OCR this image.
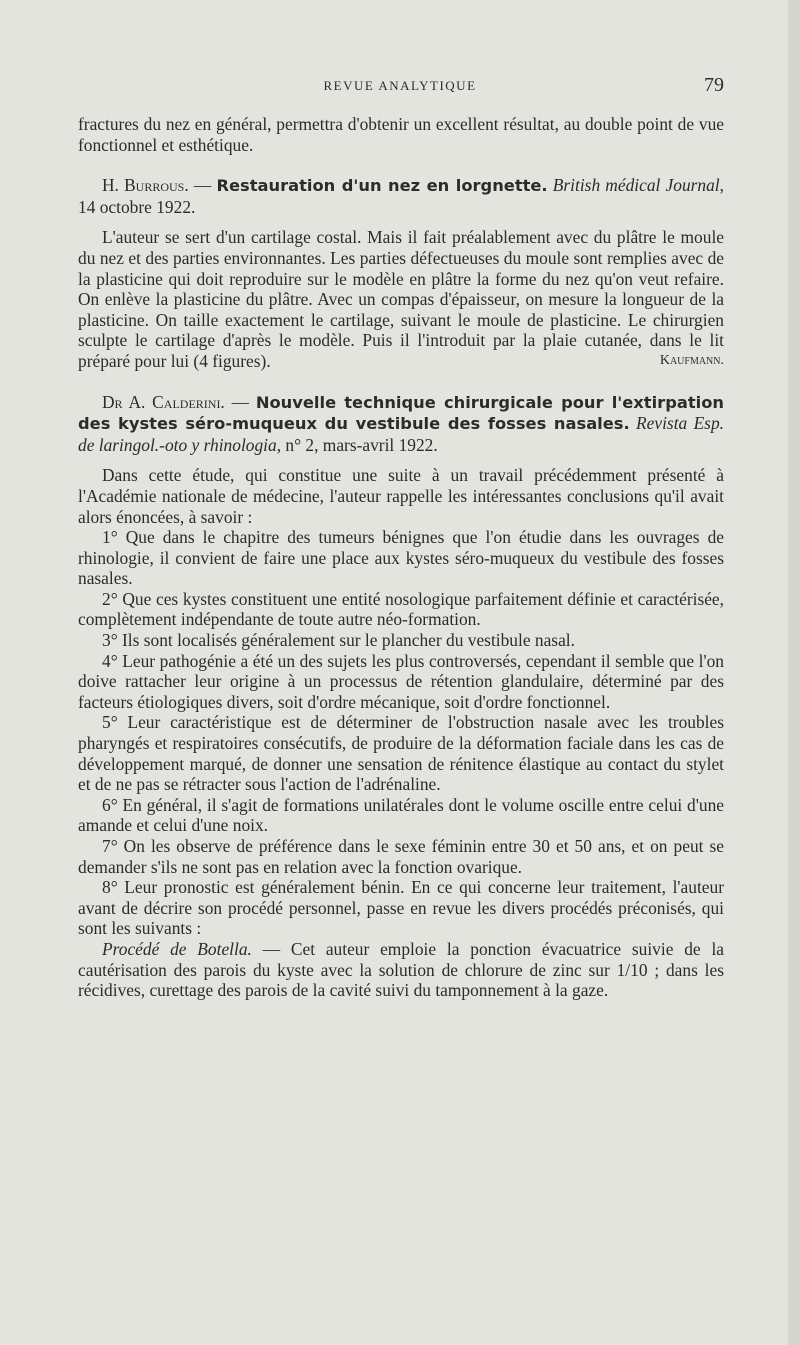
REVUE ANALYTIQUE	79

fractures du nez en général, permettra d'obtenir un excellent résultat, au double point de vue fonctionnel et esthétique.

H. Burrous. — Restauration d'un nez en lorgnette. British médical Journal, 14 octobre 1922.

L'auteur se sert d'un cartilage costal. Mais il fait préalablement avec du plâtre le moule du nez et des parties environnantes. Les parties défectueuses du moule sont remplies avec de la plasticine qui doit reproduire sur le modèle en plâtre la forme du nez qu'on veut refaire. On enlève la plasticine du plâtre. Avec un compas d'épaisseur, on mesure la longueur de la plasticine. On taille exactement le cartilage, suivant le moule de plasticine. Le chirurgien sculpte le cartilage d'après le modèle. Puis il l'introduit par la plaie cutanée, dans le lit préparé pour lui (4 figures).	Kaufmann.

Dr A. Calderini. — Nouvelle technique chirurgicale pour l'extirpation des kystes séro-muqueux du vestibule des fosses nasales. Revista Esp. de laringol.-oto y rhinologia, n° 2, mars-avril 1922.

Dans cette étude, qui constitue une suite à un travail précédemment présenté à l'Académie nationale de médecine, l'auteur rappelle les intéressantes conclusions qu'il avait alors énoncées, à savoir :

1° Que dans le chapitre des tumeurs bénignes que l'on étudie dans les ouvrages de rhinologie, il convient de faire une place aux kystes séro-muqueux du vestibule des fosses nasales.

2° Que ces kystes constituent une entité nosologique parfaitement définie et caractérisée, complètement indépendante de toute autre néo-formation.

3° Ils sont localisés généralement sur le plancher du vestibule nasal.

4° Leur pathogénie a été un des sujets les plus controversés, cependant il semble que l'on doive rattacher leur origine à un processus de rétention glandulaire, déterminé par des facteurs étiologiques divers, soit d'ordre mécanique, soit d'ordre fonctionnel.

5° Leur caractéristique est de déterminer de l'obstruction nasale avec les troubles pharyngés et respiratoires consécutifs, de produire de la déformation faciale dans les cas de développement marqué, de donner une sensation de rénitence élastique au contact du stylet et de ne pas se rétracter sous l'action de l'adrénaline.

6° En général, il s'agit de formations unilatérales dont le volume oscille entre celui d'une amande et celui d'une noix.

7° On les observe de préférence dans le sexe féminin entre 30 et 50 ans, et on peut se demander s'ils ne sont pas en relation avec la fonction ovarique.

8° Leur pronostic est généralement bénin. En ce qui concerne leur traitement, l'auteur avant de décrire son procédé personnel, passe en revue les divers procédés préconisés, qui sont les suivants :

Procédé de Botella. — Cet auteur emploie la ponction évacuatrice suivie de la cautérisation des parois du kyste avec la solution de chlorure de zinc sur 1/10 ; dans les récidives, curettage des parois de la cavité suivi du tamponnement à la gaze.
